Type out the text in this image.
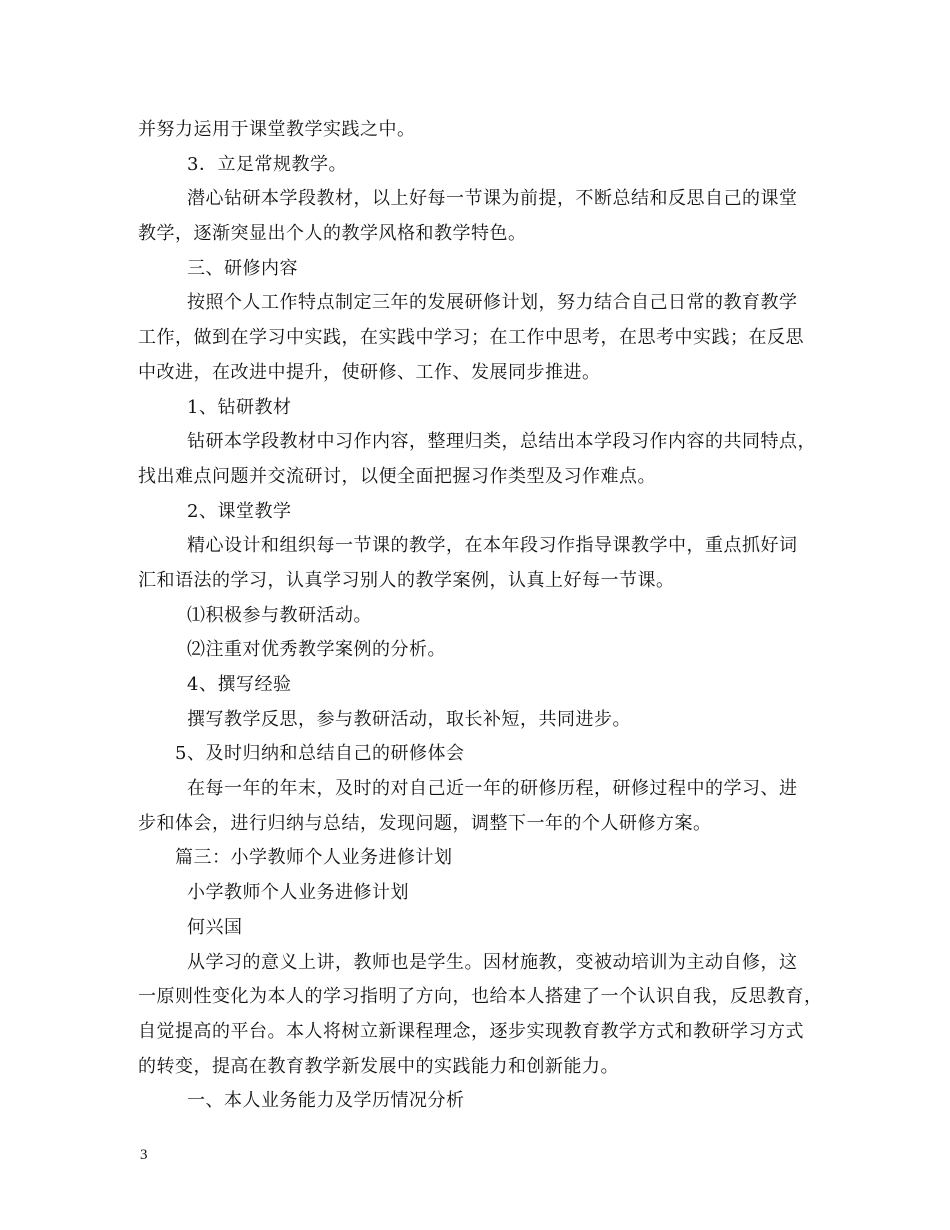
并努力运用于课堂教学实践之中。
3．立足常规教学。
潜心钻研本学段教材，以上好每一节课为前提，不断总结和反思自己的课堂
教学，逐渐突显出个人的教学风格和教学特色。
三、研修内容
按照个人工作特点制定三年的发展研修计划，努力结合自己日常的教育教学
工作，做到在学习中实践，在实践中学习；在工作中思考，在思考中实践；在反思
中改进，在改进中提升，使研修、工作、发展同步推进。
1、钻研教材
钻研本学段教材中习作内容，整理归类，总结出本学段习作内容的共同特点，
找出难点问题并交流研讨，以便全面把握习作类型及习作难点。
2、课堂教学
精心设计和组织每一节课的教学，在本年段习作指导课教学中，重点抓好词
汇和语法的学习，认真学习别人的教学案例，认真上好每一节课。
⑴积极参与教研活动。
⑵注重对优秀教学案例的分析。
4、撰写经验
撰写教学反思，参与教研活动，取长补短，共同进步。
5、及时归纳和总结自己的研修体会
在每一年的年末，及时的对自己近一年的研修历程，研修过程中的学习、进
步和体会，进行归纳与总结，发现问题，调整下一年的个人研修方案。
篇三：小学教师个人业务进修计划
小学教师个人业务进修计划
何兴国
从学习的意义上讲，教师也是学生。因材施教，变被动培训为主动自修，这
一原则性变化为本人的学习指明了方向，也给本人搭建了一个认识自我，反思教育，
自觉提高的平台。本人将树立新课程理念，逐步实现教育教学方式和教研学习方式
的转变，提高在教育教学新发展中的实践能力和创新能力。
一、本人业务能力及学历情况分析
3
